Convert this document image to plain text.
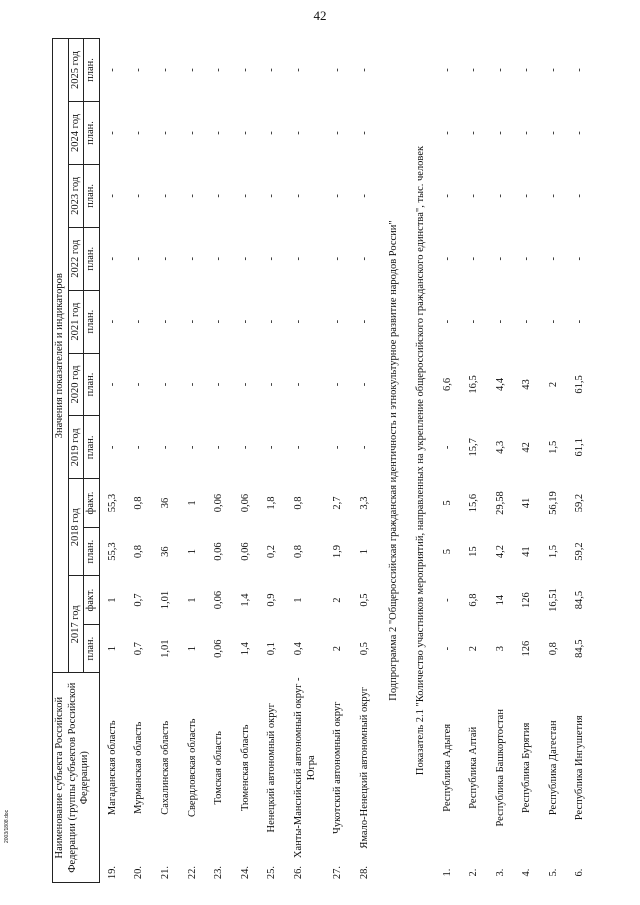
42
Наименование субъекта Российской Федерации (группы субъектов Российской Федерации)		Значения показателей и индикаторов										
		2017 год		2018 год		2019 год	2020 год	2021 год	2022 год	2023 год	2024 год	2025 год
		план.	факт.	план.	факт.	план.	план.	план.	план.	план.	план.	план.
19.	Магаданская область	1	1	55,3	55,3	-	-	-	-	-	-	-
20.	Мурманская область	0,7	0,7	0,8	0,8	-	-	-	-	-	-	-
21.	Сахалинская область	1,01	1,01	36	36	-	-	-	-	-	-	-
22.	Свердловская область	1	1	1	1	-	-	-	-	-	-	-
23.	Томская область	0,06	0,06	0,06	0,06	-	-	-	-	-	-	-
24.	Тюменская область	1,4	1,4	0,06	0,06	-	-	-	-	-	-	-
25.	Ненецкий автономный округ	0,1	0,9	0,2	1,8	-	-	-	-	-	-	-
26.	Ханты-Мансийский автономный округ - Югра	0,4	1	0,8	0,8	-	-	-	-	-	-	-
27.	Чукотский автономный округ	2	2	1,9	2,7	-	-	-	-	-	-	-
28.	Ямало-Ненецкий автономный округ	0,5	0,5	1	3,3	-	-	-	-	-	-	-
Подпрограмма 2 "Общероссийская гражданская идентичность и этнокультурное развитие народов России"												
Показатель 2.1 "Количество участников мероприятий, направленных на укрепление общероссийского гражданского единства", тыс. человек												
1.	Республика Адыгея	-	-	5	5	-	6,6	-	-	-	-	-
2.	Республика Алтай	2	6,8	15	15,6	15,7	16,5	-	-	-	-	-
3.	Республика Башкортостан	3	14	4,2	29,58	4,3	4,4	-	-	-	-	-
4.	Республика Бурятия	126	126	41	41	42	43	-	-	-	-	-
5.	Республика Дагестан	0,8	16,51	1,5	56,19	1,5	2	-	-	-	-	-
6.	Республика Ингушетия	84,5	84,5	59,2	59,2	61,1	61,5	-	-	-	-	-
2003/1808.doc
